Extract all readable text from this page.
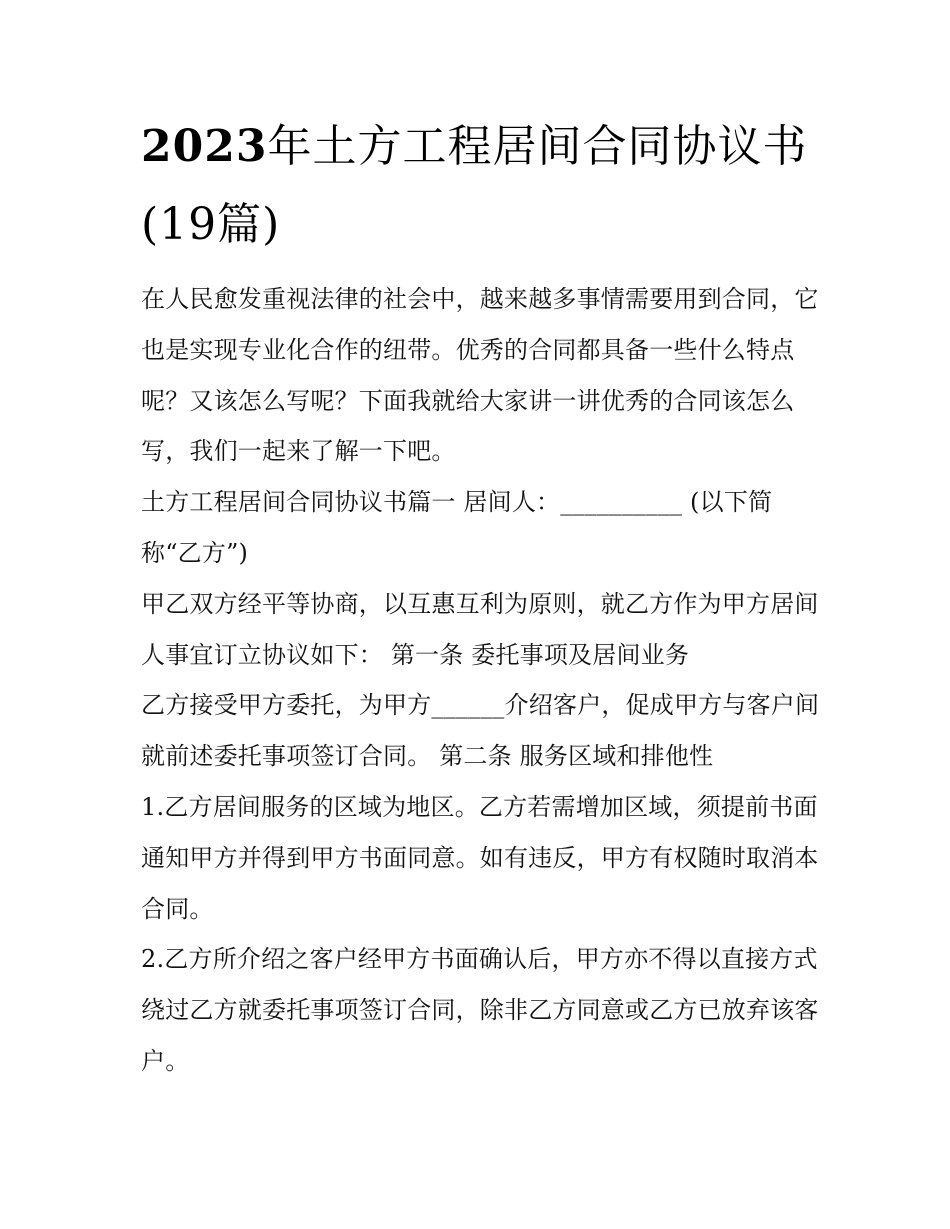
2023年土方工程居间合同协议书(19篇)

在人民愈发重视法律的社会中，越来越多事情需要用到合同，它也是实现专业化合作的纽带。优秀的合同都具备一些什么特点呢？又该怎么写呢？下面我就给大家讲一讲优秀的合同该怎么写，我们一起来了解一下吧。

土方工程居间合同协议书篇一 居间人：__________ (以下简称“乙方”)

甲乙双方经平等协商，以互惠互利为原则，就乙方作为甲方居间人事宜订立协议如下： 第一条 委托事项及居间业务

乙方接受甲方委托，为甲方______介绍客户，促成甲方与客户间就前述委托事项签订合同。 第二条 服务区域和排他性

1.乙方居间服务的区域为地区。乙方若需增加区域，须提前书面通知甲方并得到甲方书面同意。如有违反，甲方有权随时取消本合同。

2.乙方所介绍之客户经甲方书面确认后，甲方亦不得以直接方式绕过乙方就委托事项签订合同，除非乙方同意或乙方已放弃该客户。
